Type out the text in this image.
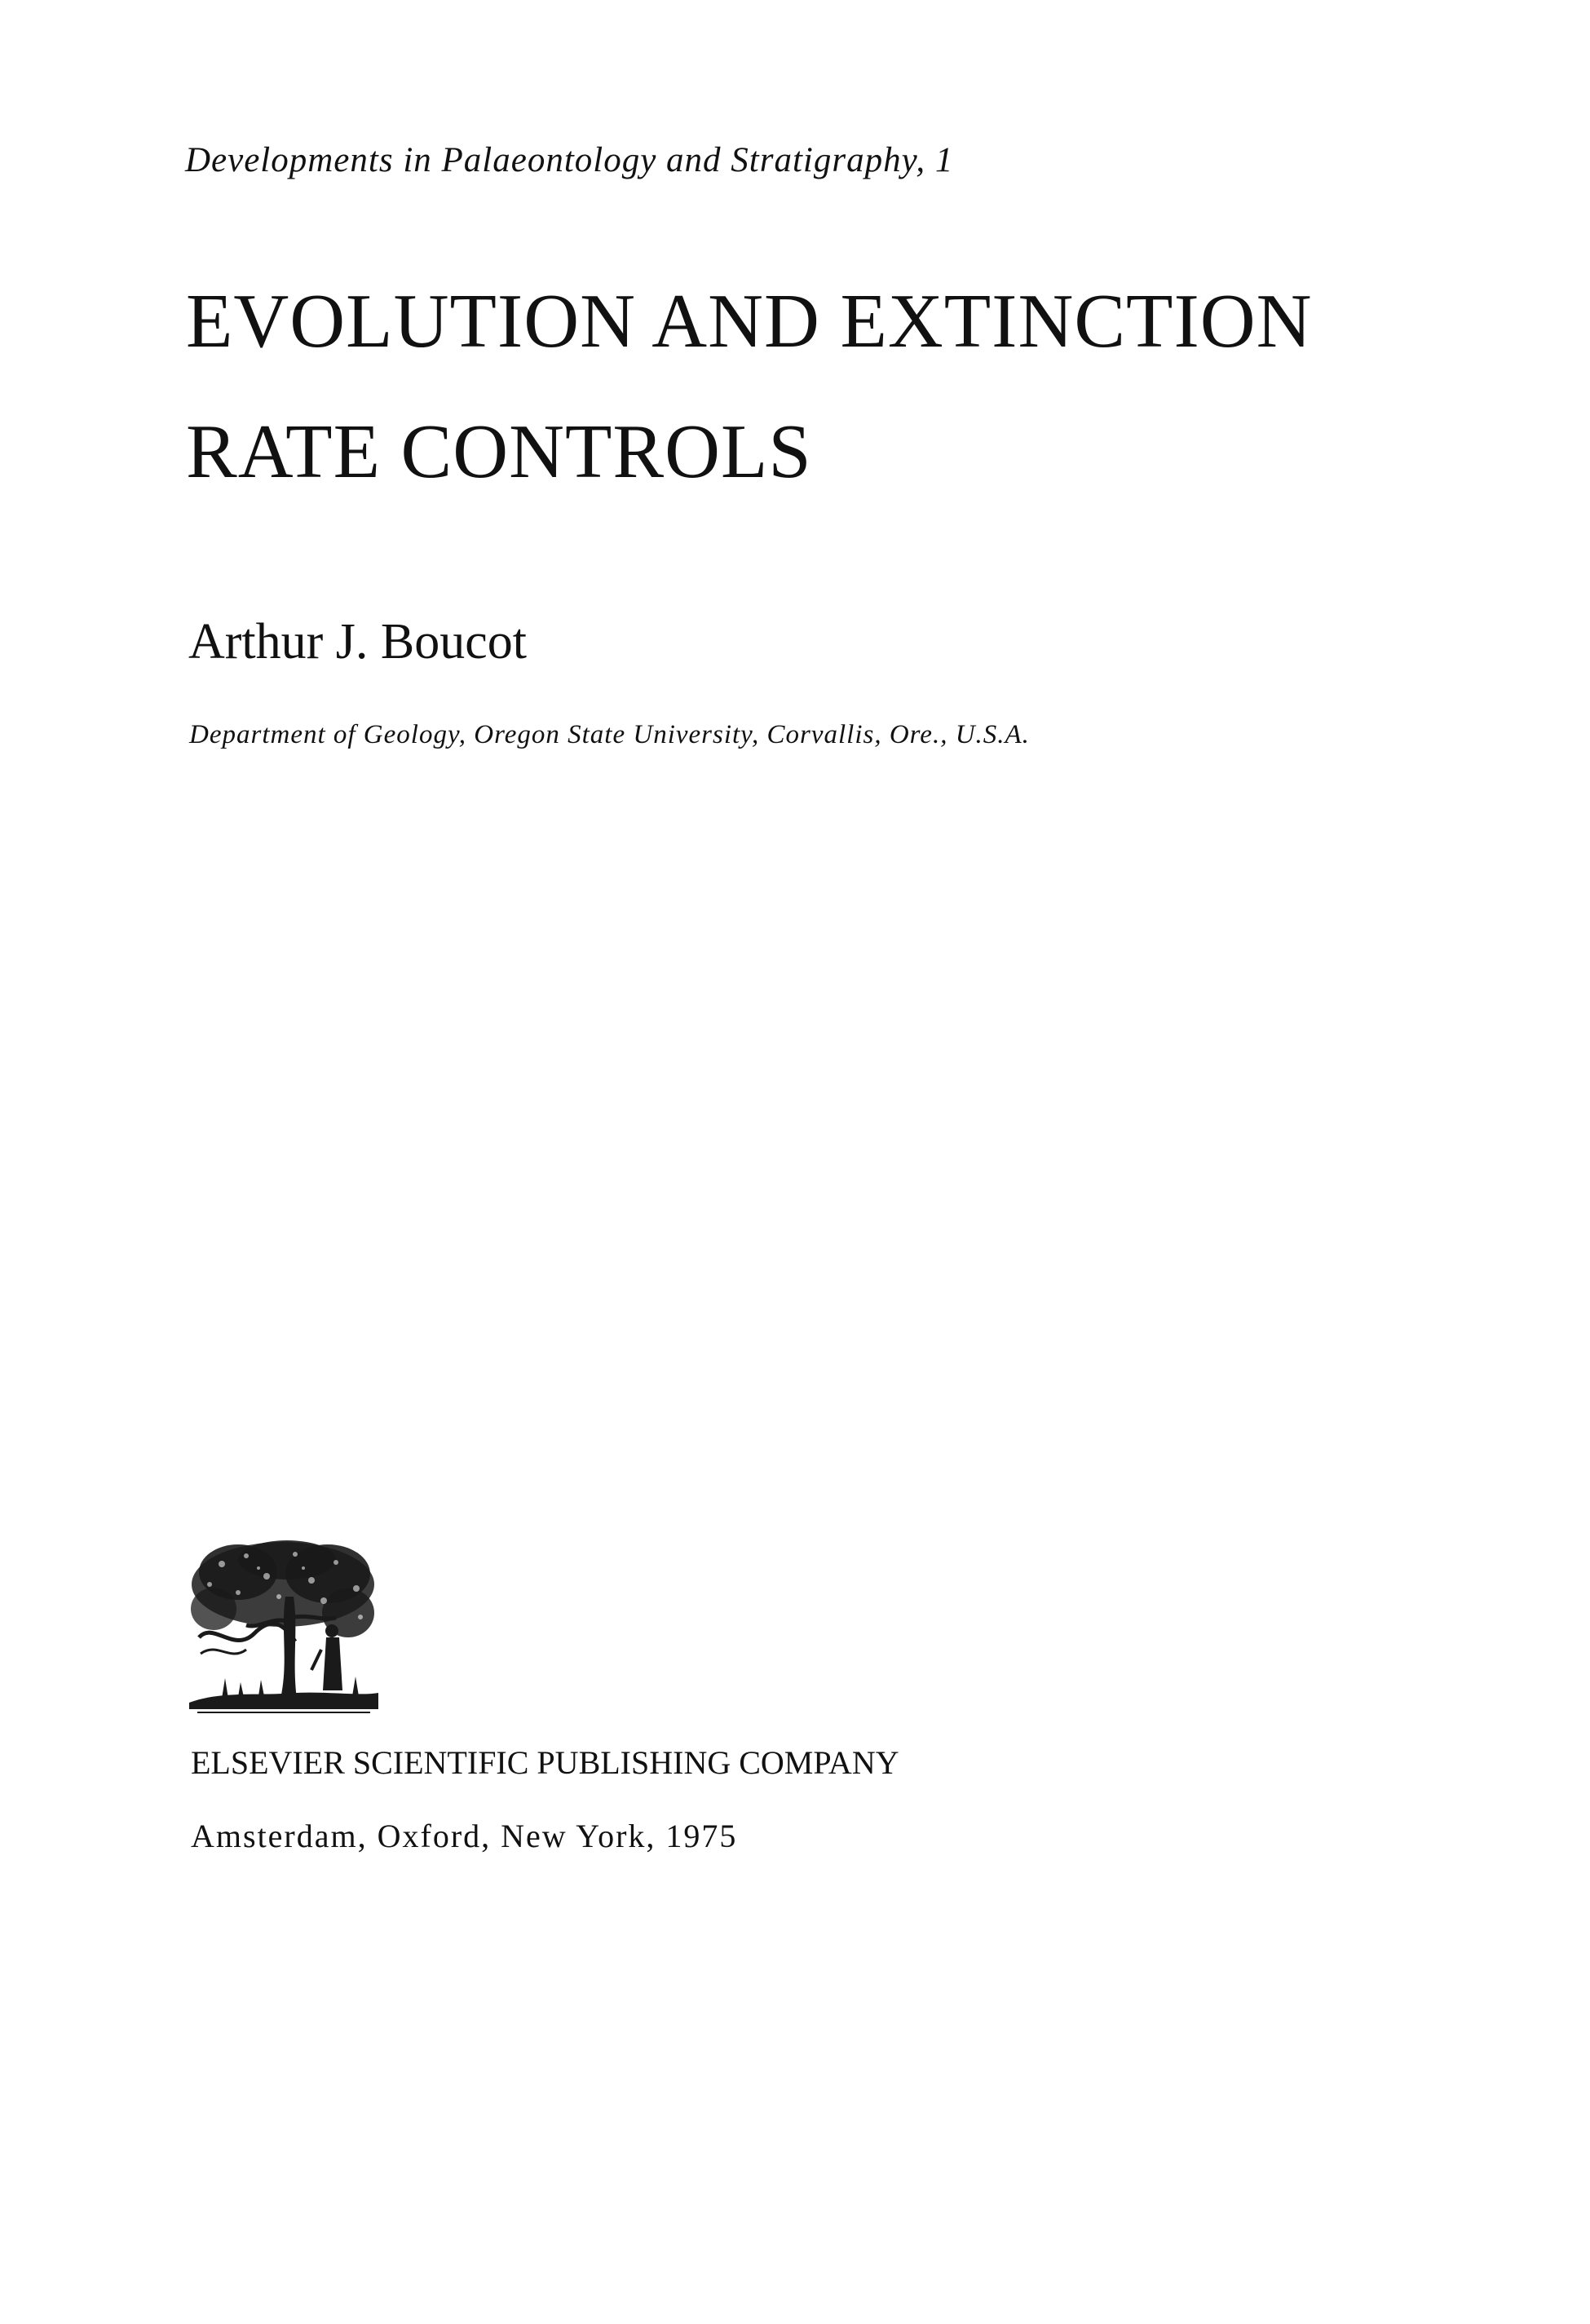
Developments in Palaeontology and Stratigraphy, 1
EVOLUTION AND EXTINCTION
RATE CONTROLS
Arthur J. Boucot
Department of Geology, Oregon State University, Corvallis, Ore., U.S.A.
ELSEVIER SCIENTIFIC PUBLISHING COMPANY
Amsterdam, Oxford, New York, 1975
